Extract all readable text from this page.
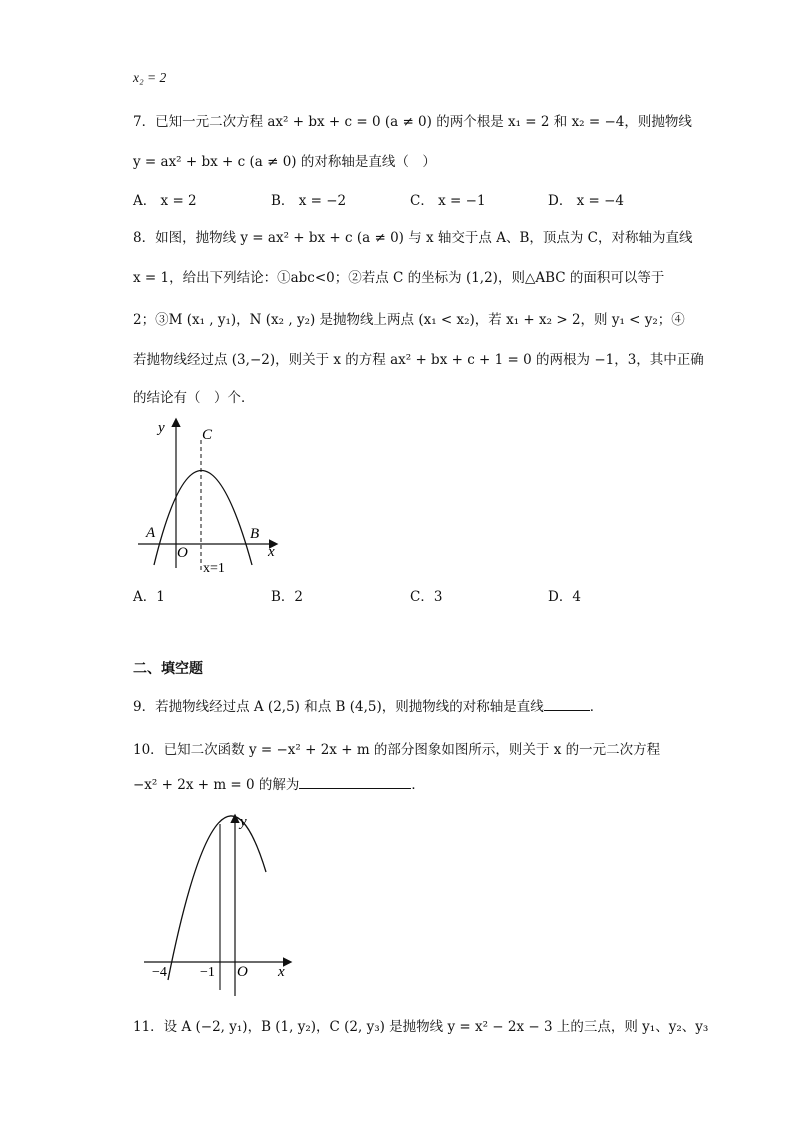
x₂ = 2
7．已知一元二次方程 ax² + bx + c = 0 (a ≠ 0) 的两个根是 x₁ = 2 和 x₂ = −4，则抛物线
y = ax² + bx + c (a ≠ 0) 的对称轴是直线（　）
A． x = 2	B． x = −2	C． x = −1	D． x = −4
8．如图，抛物线 y = ax² + bx + c (a ≠ 0) 与 x 轴交于点 A、B，顶点为 C，对称轴为直线
x = 1，给出下列结论：①abc<0；②若点 C 的坐标为 (1,2)，则△ABC 的面积可以等于
2；③M (x₁ , y₁)，N (x₂ , y₂) 是抛物线上两点 (x₁ < x₂)，若 x₁ + x₂ > 2，则 y₁ < y₂；④
若抛物线经过点 (3,−2)，则关于 x 的方程 ax² + bx + c + 1 = 0 的两根为 −1，3，其中正确
的结论有（　）个．
y C
A	B
O	x
x=1
A．1	B．2	C．3	D．4
二、填空题
9．若抛物线经过点 A (2,5) 和点 B (4,5)，则抛物线的对称轴是直线	．
10．已知二次函数 y = −x² + 2x + m 的部分图象如图所示，则关于 x 的一元二次方程
−x² + 2x + m = 0 的解为	．
y
−4 −1 O x
11．设 A (−2, y₁)，B (1, y₂)，C (2, y₃) 是抛物线 y = x² − 2x − 3 上的三点，则 y₁、y₂、y₃
